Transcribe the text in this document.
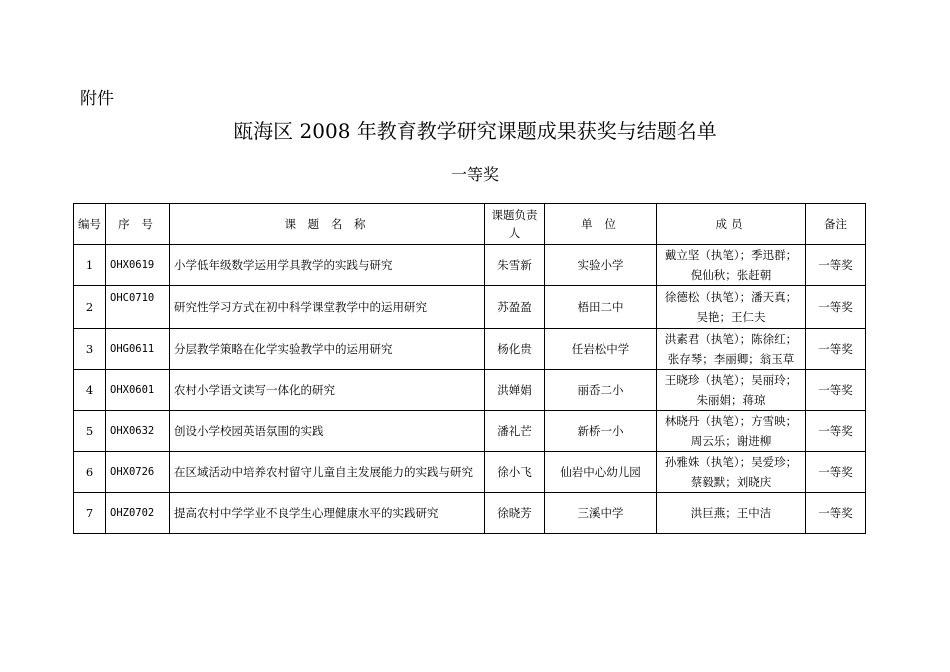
附件
瓯海区 2008 年教育教学研究课题成果获奖与结题名单
一等奖
编号	序 号	课 题 名 称	课题负责人	单 位	成员	备注
1	OHX0619	小学低年级数学运用学具教学的实践与研究	朱雪新	实验小学	戴立坚（执笔）；季迅群；倪仙秋；张赶朝	一等奖
2	OHC0710	研究性学习方式在初中科学课堂教学中的运用研究	苏盈盈	梧田二中	徐德松（执笔）；潘天真；吴艳；王仁夫	一等奖
3	OHG0611	分层教学策略在化学实验教学中的运用研究	杨化贵	任岩松中学	洪素君（执笔）；陈徐红；张存琴；李丽卿；翁玉草	一等奖
4	OHX0601	农村小学语文读写一体化的研究	洪婵娟	丽岙二小	王晓珍（执笔）；吴丽玲；朱丽娟；蒋琼	一等奖
5	OHX0632	创设小学校园英语氛围的实践	潘礼芒	新桥一小	林晓丹（执笔）；方雪映；周云乐；谢进柳	一等奖
6	OHX0726	在区域活动中培养农村留守儿童自主发展能力的实践与研究	徐小飞	仙岩中心幼儿园	孙雅姝（执笔）；吴爱珍；蔡毅默；刘晓庆	一等奖
7	OHZ0702	提高农村中学学业不良学生心理健康水平的实践研究	徐晓芳	三溪中学	洪巨燕；王中洁	一等奖
